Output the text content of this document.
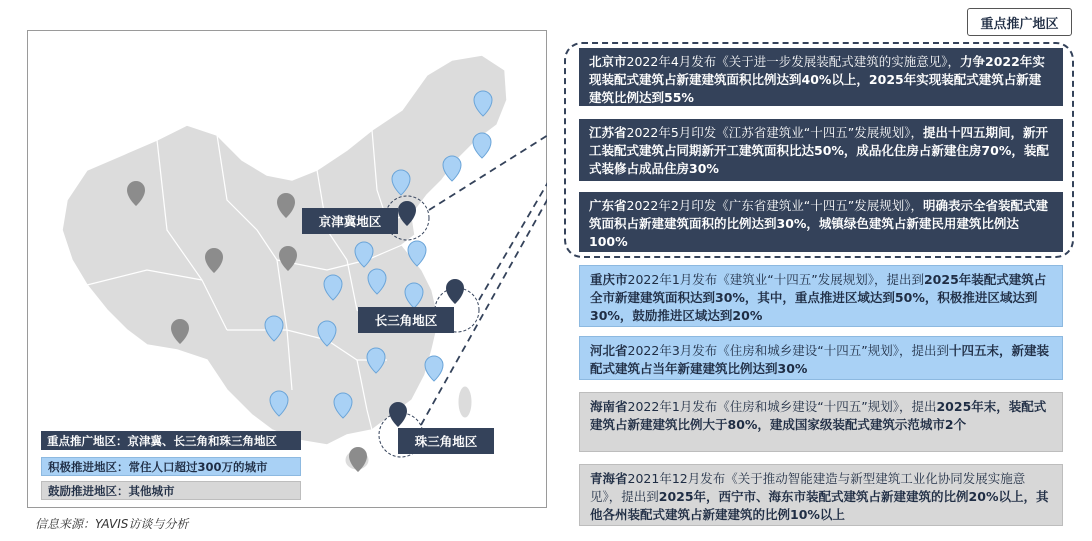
京津冀地区
长三角地区
珠三角地区
重点推广地区：京津冀、长三角和珠三角地区
积极推进地区：常住人口超过300万的城市
鼓励推进地区：其他城市
信息来源：YAVIS访谈与分析
重点推广地区
北京市2022年4月发布《关于进一步发展装配式建筑的实施意见》，力争2022年实现装配式建筑占新建建筑面积比例达到40%以上，2025年实现装配式建筑占新建建筑比例达到55%
江苏省2022年5月印发《江苏省建筑业“十四五”发展规划》，提出十四五期间，新开工装配式建筑占同期新开工建筑面积比达50%，成品化住房占新建住房70%，装配式装修占成品住房30%
广东省2022年2月印发《广东省建筑业“十四五”发展规划》，明确表示全省装配式建筑面积占新建建筑面积的比例达到30%，城镇绿色建筑占新建民用建筑比例达100%
重庆市2022年1月发布《建筑业“十四五”发展规划》，提出到2025年装配式建筑占全市新建建筑面积达到30%，其中，重点推进区域达到50%，积极推进区域达到30%，鼓励推进区域达到20%
河北省2022年3月发布《住房和城乡建设“十四五”规划》，提出到十四五末，新建装配式建筑占当年新建建筑比例达到30%
海南省2022年1月发布《住房和城乡建设“十四五”规划》，提出2025年末，装配式建筑占新建建筑比例大于80%，建成国家级装配式建筑示范城市2个
青海省2021年12月发布《关于推动智能建造与新型建筑工业化协同发展实施意见》，提出到2025年，西宁市、海东市装配式建筑占新建建筑的比例20%以上，其他各州装配式建筑占新建建筑的比例10%以上
